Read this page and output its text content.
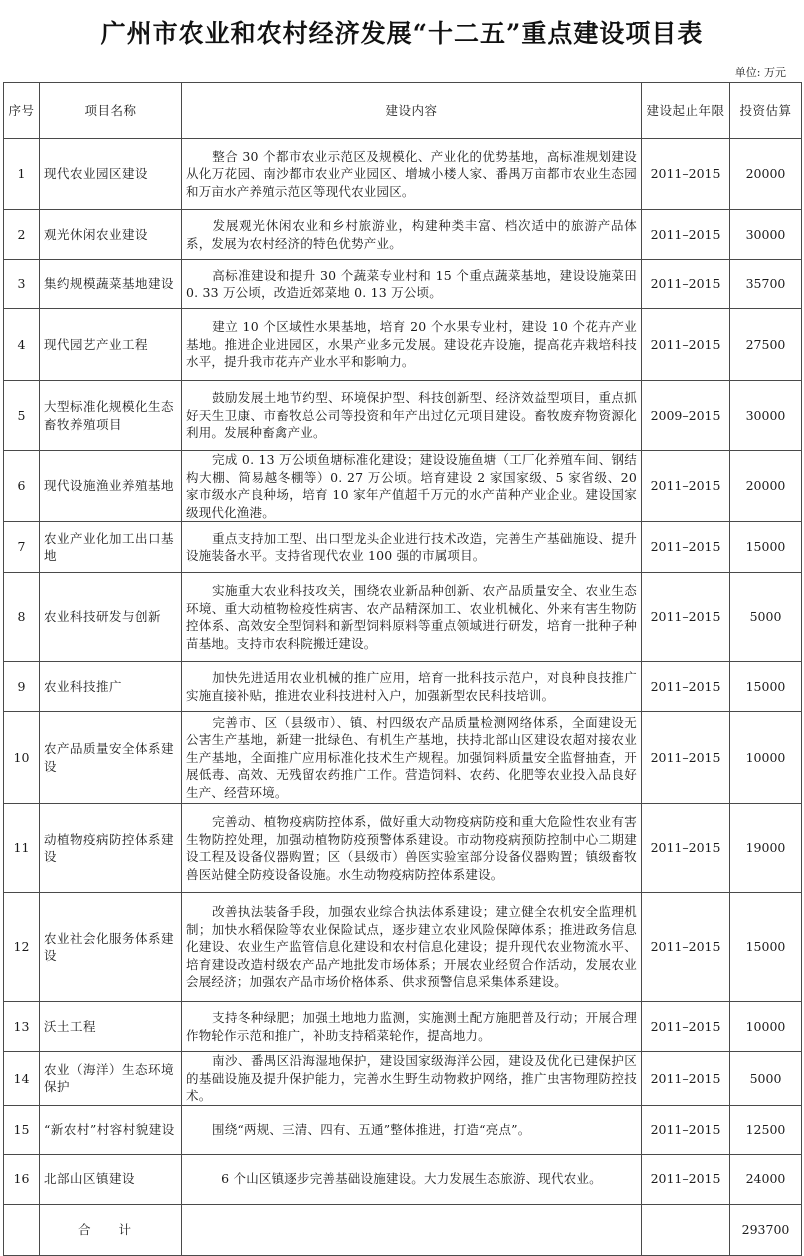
广州市农业和农村经济发展“十二五”重点建设项目表
单位: 万元
序号	项目名称	建设内容	建设起止年限	投资估算
1	现代农业园区建设	整合 30 个都市农业示范区及规模化、产业化的优势基地，高标准规划建设从化万花园、南沙都市农业产业园区、增城小楼人家、番禺万亩都市农业生态园和万亩水产养殖示范区等现代农业园区。	2011–2015	20000
2	观光休闲农业建设	发展观光休闲农业和乡村旅游业，构建种类丰富、档次适中的旅游产品体系，发展为农村经济的特色优势产业。	2011–2015	30000
3	集约规模蔬菜基地建设	高标准建设和提升 30 个蔬菜专业村和 15 个重点蔬菜基地，建设设施菜田 0. 33 万公顷，改造近郊菜地 0. 13 万公顷。	2011–2015	35700
4	现代园艺产业工程	建立 10 个区域性水果基地，培育 20 个水果专业村，建设 10 个花卉产业基地。推进企业进园区，水果产业多元发展。建设花卉设施，提高花卉栽培科技水平，提升我市花卉产业水平和影响力。	2011–2015	27500
5	大型标准化规模化生态畜牧养殖项目	鼓励发展土地节约型、环境保护型、科技创新型、经济效益型项目，重点抓好天生卫康、市畜牧总公司等投资和年产出过亿元项目建设。畜牧废弃物资源化利用。发展种畜禽产业。	2009–2015	30000
6	现代设施渔业养殖基地	完成 0. 13 万公顷鱼塘标准化建设；建设设施鱼塘（工厂化养殖车间、钢结构大棚、简易越冬棚等）0. 27 万公顷。培育建设 2 家国家级、5 家省级、20 家市级水产良种场，培育 10 家年产值超千万元的水产苗种产业企业。建设国家级现代化渔港。	2011–2015	20000
7	农业产业化加工出口基地	重点支持加工型、出口型龙头企业进行技术改造，完善生产基础施设、提升设施装备水平。支持省现代农业 100 强的市属项目。	2011–2015	15000
8	农业科技研发与创新	实施重大农业科技攻关，围绕农业新品种创新、农产品质量安全、农业生态环境、重大动植物检疫性病害、农产品精深加工、农业机械化、外来有害生物防控体系、高效安全型饲料和新型饲料原料等重点领域进行研发，培育一批种子种苗基地。支持市农科院搬迁建设。	2011–2015	5000
9	农业科技推广	加快先进适用农业机械的推广应用，培育一批科技示范户，对良种良技推广实施直接补贴，推进农业科技进村入户，加强新型农民科技培训。	2011–2015	15000
10	农产品质量安全体系建设	完善市、区（县级市）、镇、村四级农产品质量检测网络体系，全面建设无公害生产基地，新建一批绿色、有机生产基地，扶持北部山区建设农超对接农业生产基地，全面推广应用标准化技术生产规程。加强饲料质量安全监督抽查，开展低毒、高效、无残留农药推广工作。营造饲料、农药、化肥等农业投入品良好生产、经营环境。	2011–2015	10000
11	动植物疫病防控体系建设	完善动、植物疫病防控体系，做好重大动物疫病防疫和重大危险性农业有害生物防控处理，加强动植物防疫预警体系建设。市动物疫病预防控制中心二期建设工程及设备仪器购置；区（县级市）兽医实验室部分设备仪器购置；镇级畜牧兽医站健全防疫设备设施。水生动物疫病防控体系建设。	2011–2015	19000
12	农业社会化服务体系建设	改善执法装备手段，加强农业综合执法体系建设；建立健全农机安全监理机制；加快水稻保险等农业保险试点，逐步建立农业风险保障体系；推进政务信息化建设、农业生产监管信息化建设和农村信息化建设；提升现代农业物流水平、培育建设改造村级农产品产地批发市场体系；开展农业经贸合作活动，发展农业会展经济；加强农产品市场价格体系、供求预警信息采集体系建设。	2011–2015	15000
13	沃土工程	支持冬种绿肥；加强土地地力监测，实施测土配方施肥普及行动；开展合理作物轮作示范和推广，补助支持稻菜轮作，提高地力。	2011–2015	10000
14	农业（海洋）生态环境保护	南沙、番禺区沿海湿地保护，建设国家级海洋公园，建设及优化已建保护区的基础设施及提升保护能力，完善水生野生动物救护网络，推广虫害物理防控技术。	2011–2015	5000
15	“新农村”村容村貌建设	围绕“两规、三清、四有、五通”整体推进，打造“亮点”。	2011–2015	12500
16	北部山区镇建设	6 个山区镇逐步完善基础设施建设。大力发展生态旅游、现代农业。	2011–2015	24000
	合 计			293700
